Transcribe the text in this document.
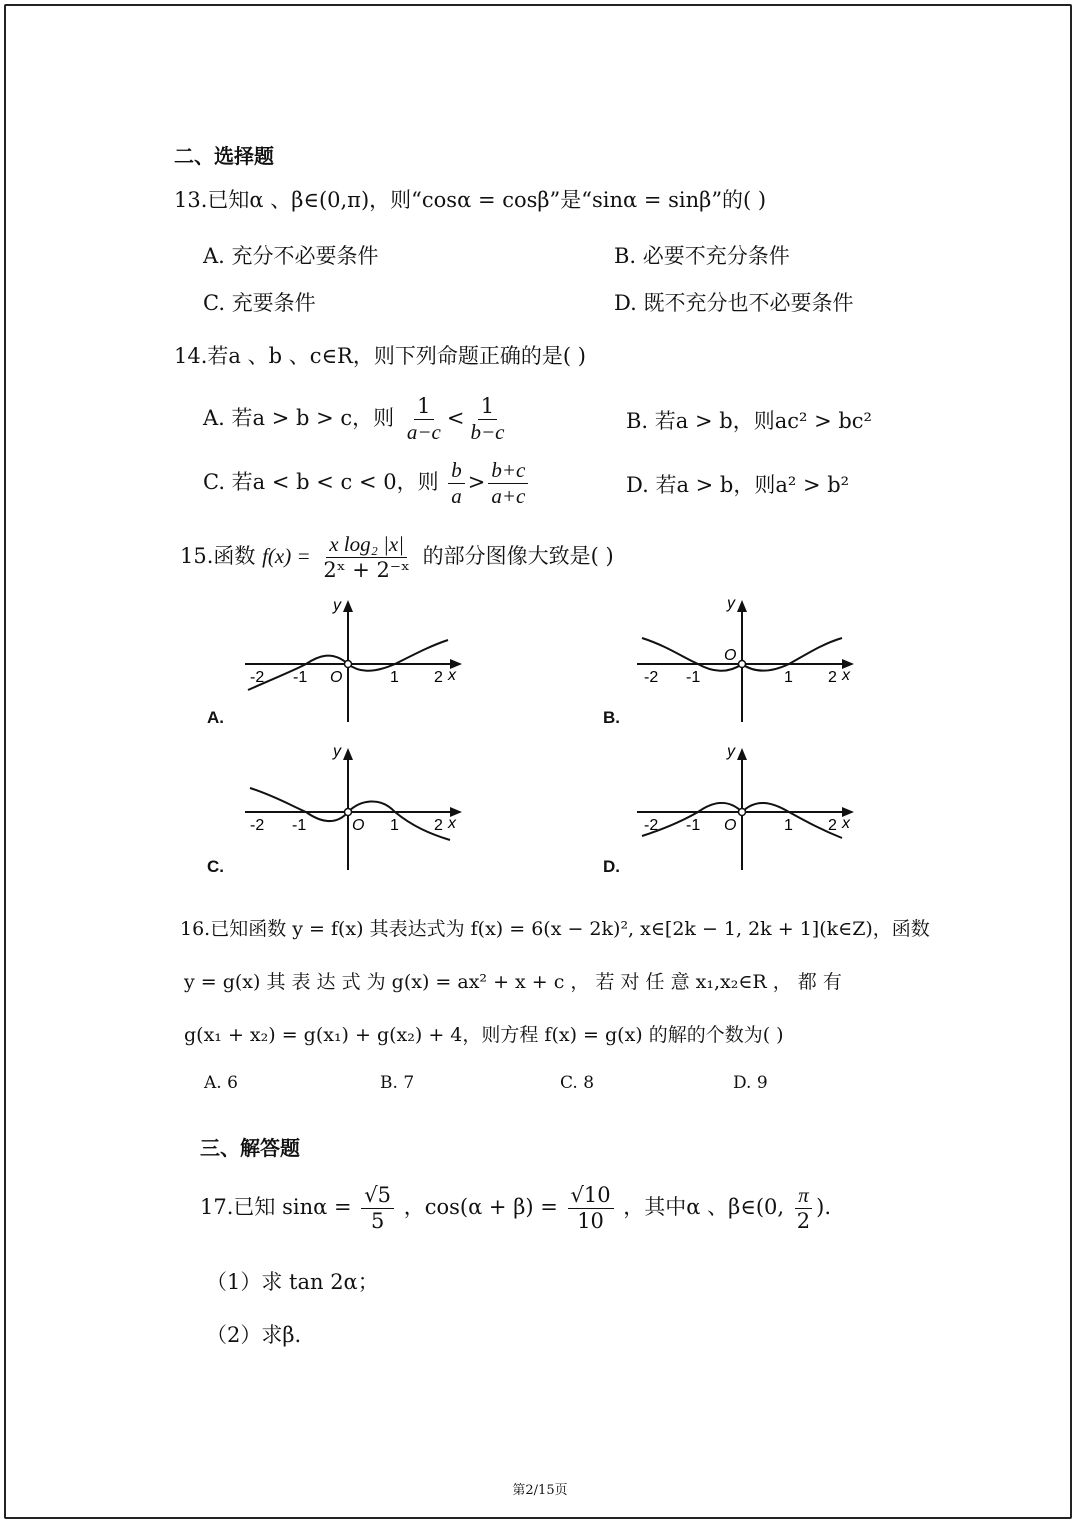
二、选择题
13.已知α 、β∈(0,π)，则“cosα = cosβ”是“sinα = sinβ”的( )
A. 充分不必要条件	B. 必要不充分条件
C. 充要条件	D. 既不充分也不必要条件
14.若a 、b 、c∈R，则下列命题正确的是( )
A. 若a > b > c，则 $\frac{1}{a-c} < \frac{1}{b-c}$	B. 若a > b，则ac² > bc²
C. 若a < b < c < 0，则 $\frac{b}{a} > \frac{b+c}{a+c}$	D. 若a > b，则a² > b²
15.函数 $f(x) = \frac{\text{x log₂ |x|}}{\text{2ˣ + 2⁻ˣ}}$ 的部分图像大致是( )
-2 -1 O	1 2 x
y
A.
-2 -1
O
1 2 x
y
B.
-2 -1	O 1 2 x
y
C.
-2 -1 O	1 2 x
y
D.
16.已知函数 y = f(x) 其表达式为 f(x) = 6(x − 2k)², x∈[2k − 1, 2k + 1](k∈Z)，函数
y = g(x) 其 表 达 式 为 g(x) = ax² + x + c ， 若 对 任 意 x₁,x₂∈R ， 都 有
g(x₁ + x₂) = g(x₁) + g(x₂) + 4，则方程 f(x) = g(x) 的解的个数为( )
A. 6	B. 7	C. 8	D. 9
三、解答题
17.已知 $\sin\alpha = \frac{√5}{5}$ ，$\cos(\alpha + \beta) = \frac{√10}{10}$ ，其中α 、β∈(0, $\frac{\pi}{2}$ ).
（1）求 tan 2α；
（2）求β.
第2/15页
